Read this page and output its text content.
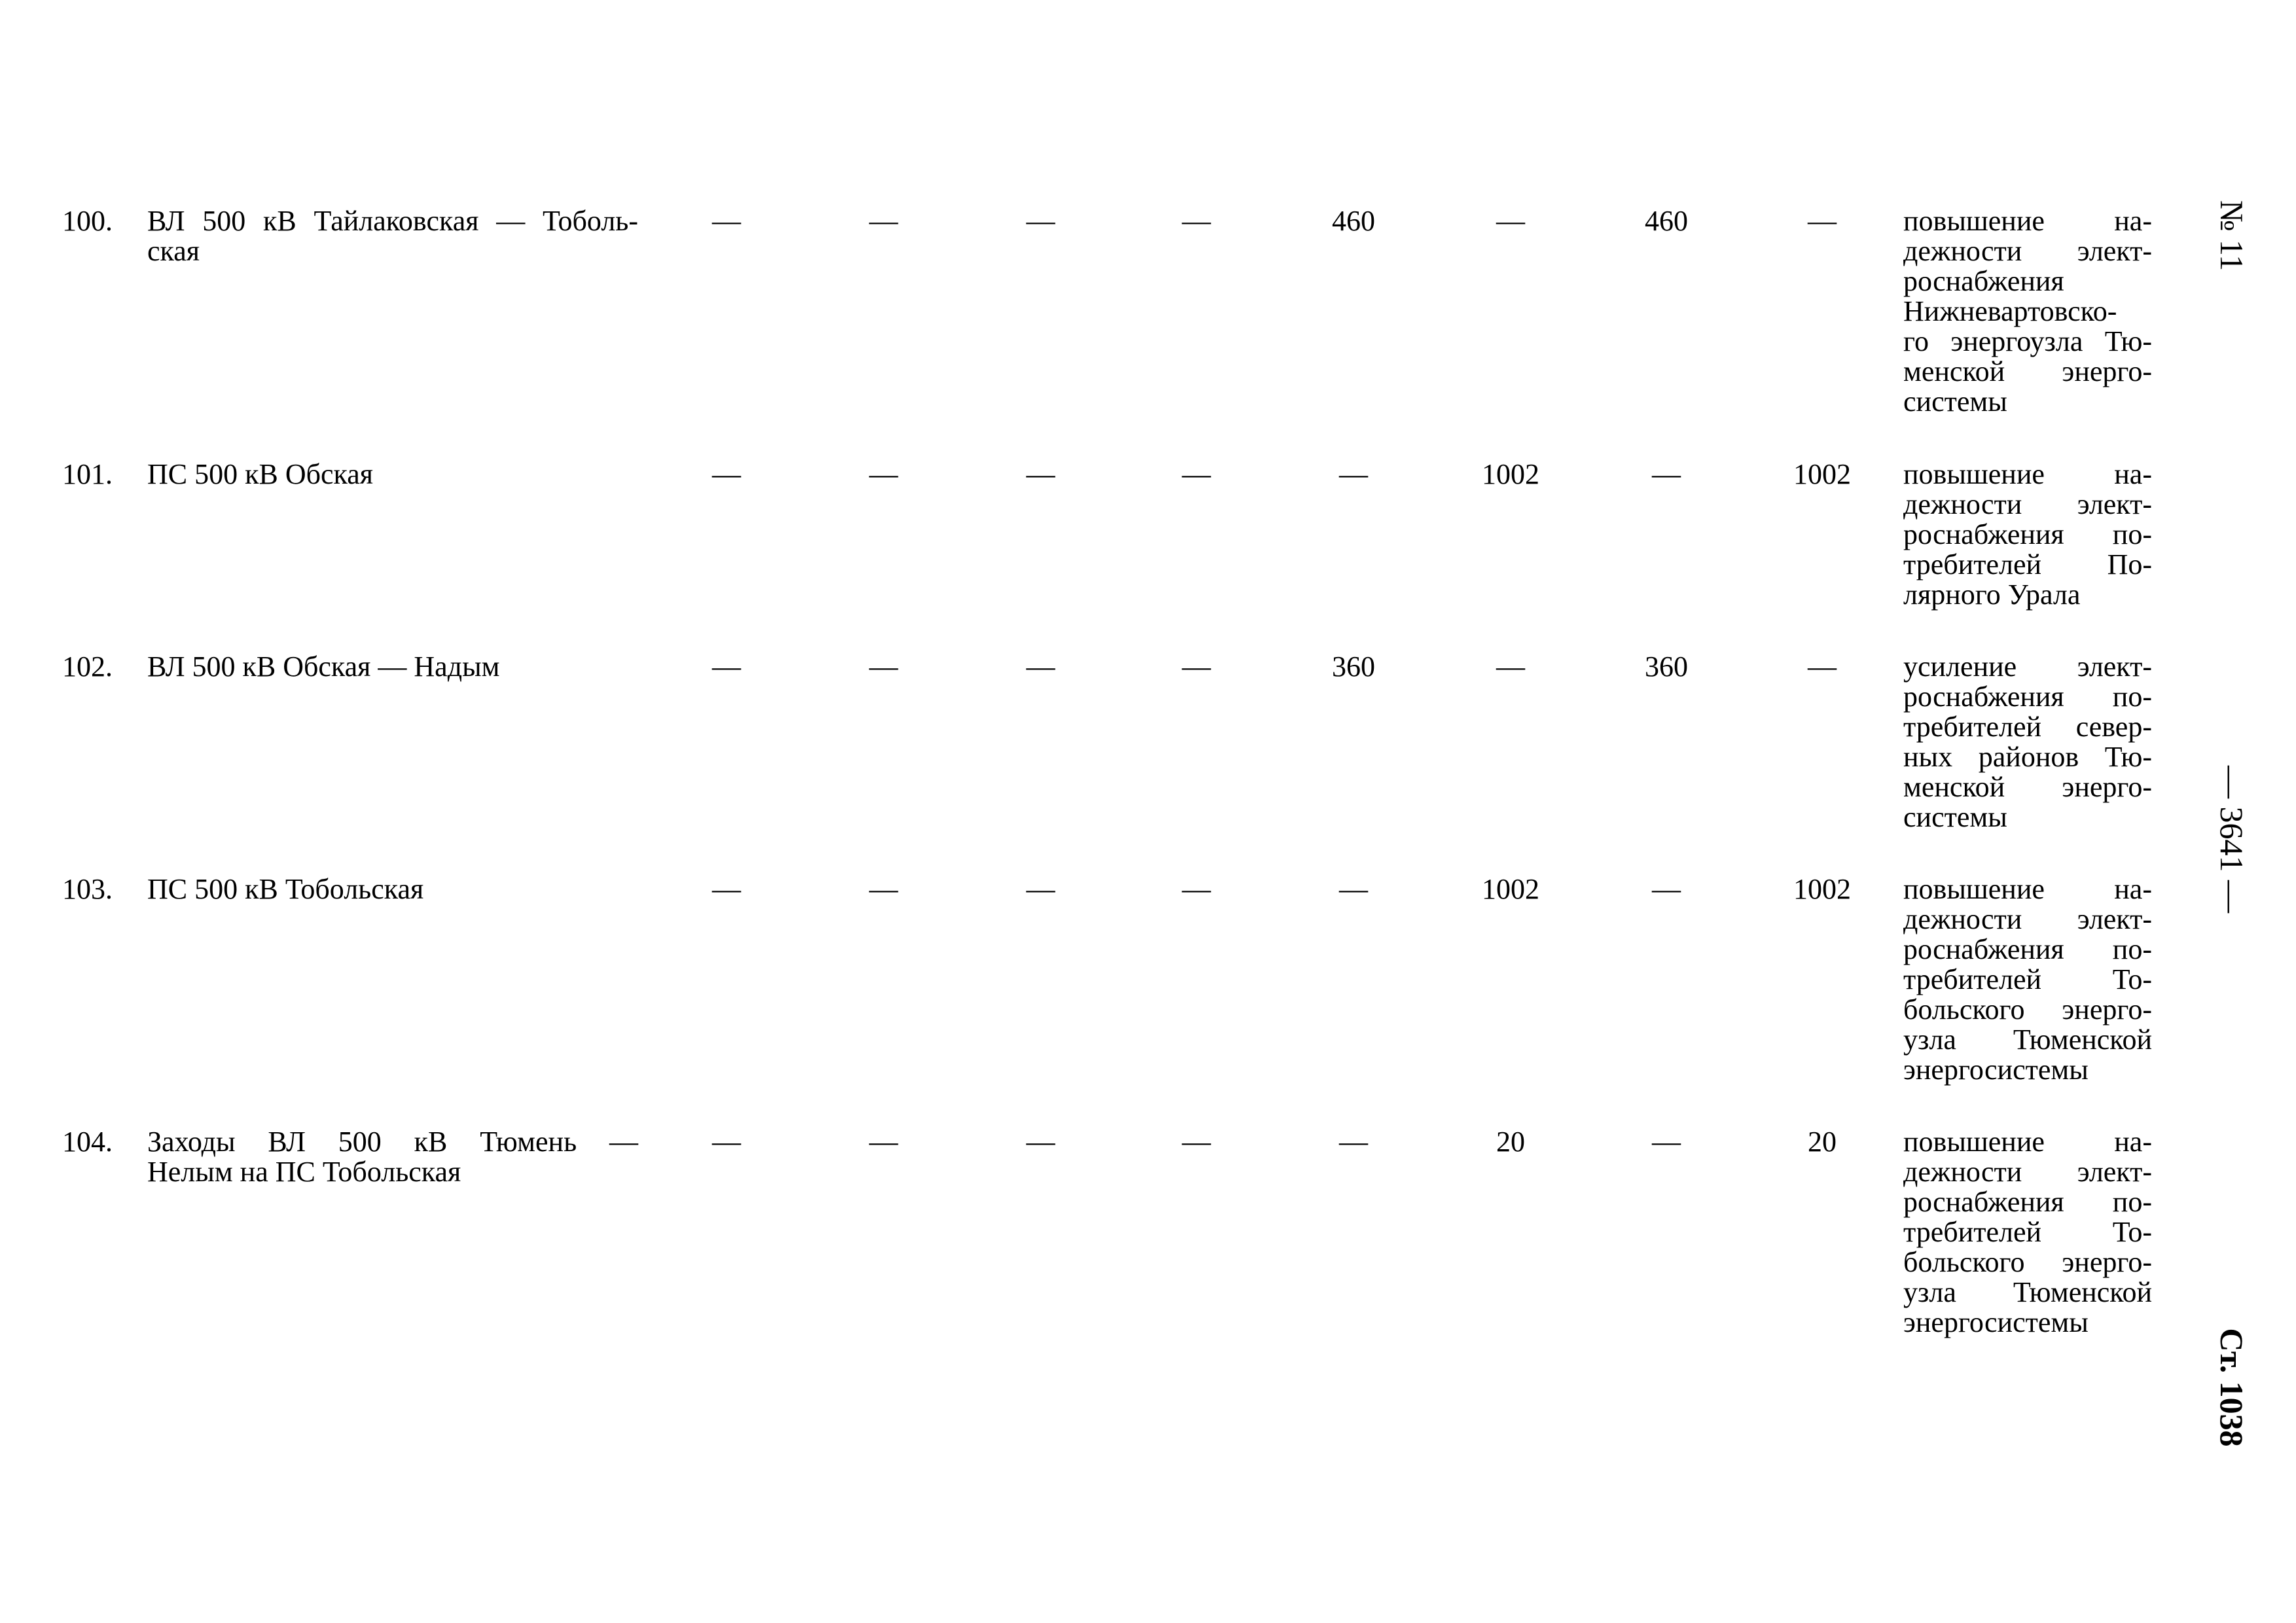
100. ВЛ 500 кВ Тайлаковская — Тоболь-
ская
—	—	—	—	460	—	460	—	повышение на-
дежности элект-
роснабжения
Нижневартовско-
го энергоузла Тю-
менской энерго-
системы
101. ПС 500 кВ Обская	—	—	—	—	—	1002	—	1002	повышение на-
дежности элект-
роснабжения по-
требителей По-
лярного Урала
102. ВЛ 500 кВ Обская — Надым	—	—	—	—	360	—	360	—	усиление элект-
роснабжения по-
требителей север-
ных районов Тю-
менской энерго-
системы
103. ПС 500 кВ Тобольская	—	—	—	—	—	1002	—	1002	повышение на-
дежности элект-
роснабжения по-
требителей То-
больского энерго-
узла Тюменской
энергосистемы
104. Заходы ВЛ 500 кВ Тюмень —
Нелым на ПС Тобольская
—	—	—	—	—	20	—	20	повышение на-
дежности элект-
роснабжения по-
требителей То-
больского энерго-
узла Тюменской
энергосистемы
№ 11
— 3641 —
Ст. 1038
